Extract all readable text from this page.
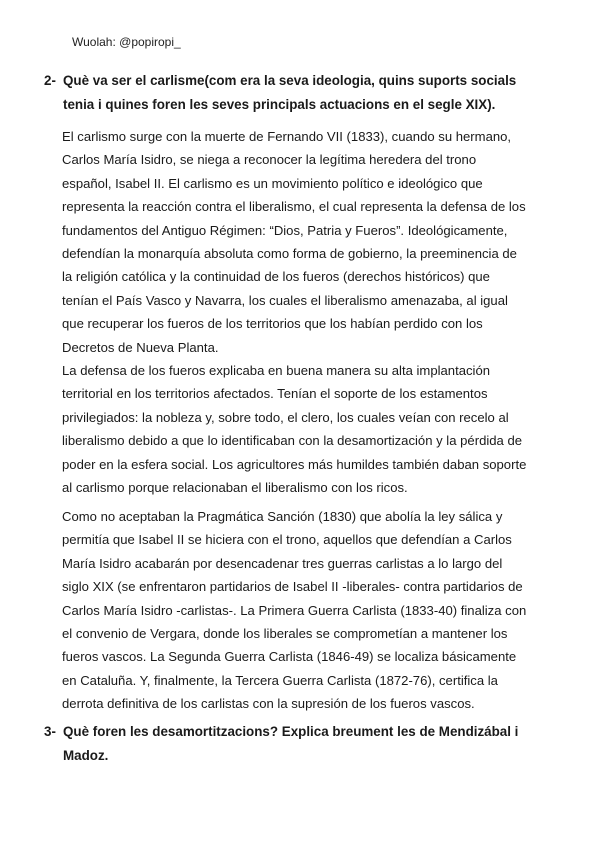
Wuolah: @popiropi_
2- Què va ser el carlisme(com era la seva ideologia, quins suports socials
tenia i quines foren les seves principals actuacions en el segle XIX).
El carlismo surge con la muerte de Fernando VII (1833), cuando su hermano,
Carlos María Isidro, se niega a reconocer la legítima heredera del trono
español, Isabel II. El carlismo es un movimiento político e ideológico que
representa la reacción contra el liberalismo, el cual representa la defensa de los
fundamentos del Antiguo Régimen: “Dios, Patria y Fueros”. Ideológicamente,
defendían la monarquía absoluta como forma de gobierno, la preeminencia de
la religión católica y la continuidad de los fueros (derechos históricos) que
tenían el País Vasco y Navarra, los cuales el liberalismo amenazaba, al igual
que recuperar los fueros de los territorios que los habían perdido con los
Decretos de Nueva Planta.
La defensa de los fueros explicaba en buena manera su alta implantación
territorial en los territorios afectados. Tenían el soporte de los estamentos
privilegiados: la nobleza y, sobre todo, el clero, los cuales veían con recelo al
liberalismo debido a que lo identificaban con la desamortización y la pérdida de
poder en la esfera social. Los agricultores más humildes también daban soporte
al carlismo porque relacionaban el liberalismo con los ricos.
Como no aceptaban la Pragmática Sanción (1830) que abolía la ley sálica y
permitía que Isabel II se hiciera con el trono, aquellos que defendían a Carlos
María Isidro acabarán por desencadenar tres guerras carlistas a lo largo del
siglo XIX (se enfrentaron partidarios de Isabel II -liberales- contra partidarios de
Carlos María Isidro -carlistas-. La Primera Guerra Carlista (1833-40) finaliza con
el convenio de Vergara, donde los liberales se comprometían a mantener los
fueros vascos. La Segunda Guerra Carlista (1846-49) se localiza básicamente
en Cataluña. Y, finalmente, la Tercera Guerra Carlista (1872-76), certifica la
derrota definitiva de los carlistas con la supresión de los fueros vascos.
3- Què foren les desamortitzacions? Explica breument les de Mendizábal i
Madoz.
